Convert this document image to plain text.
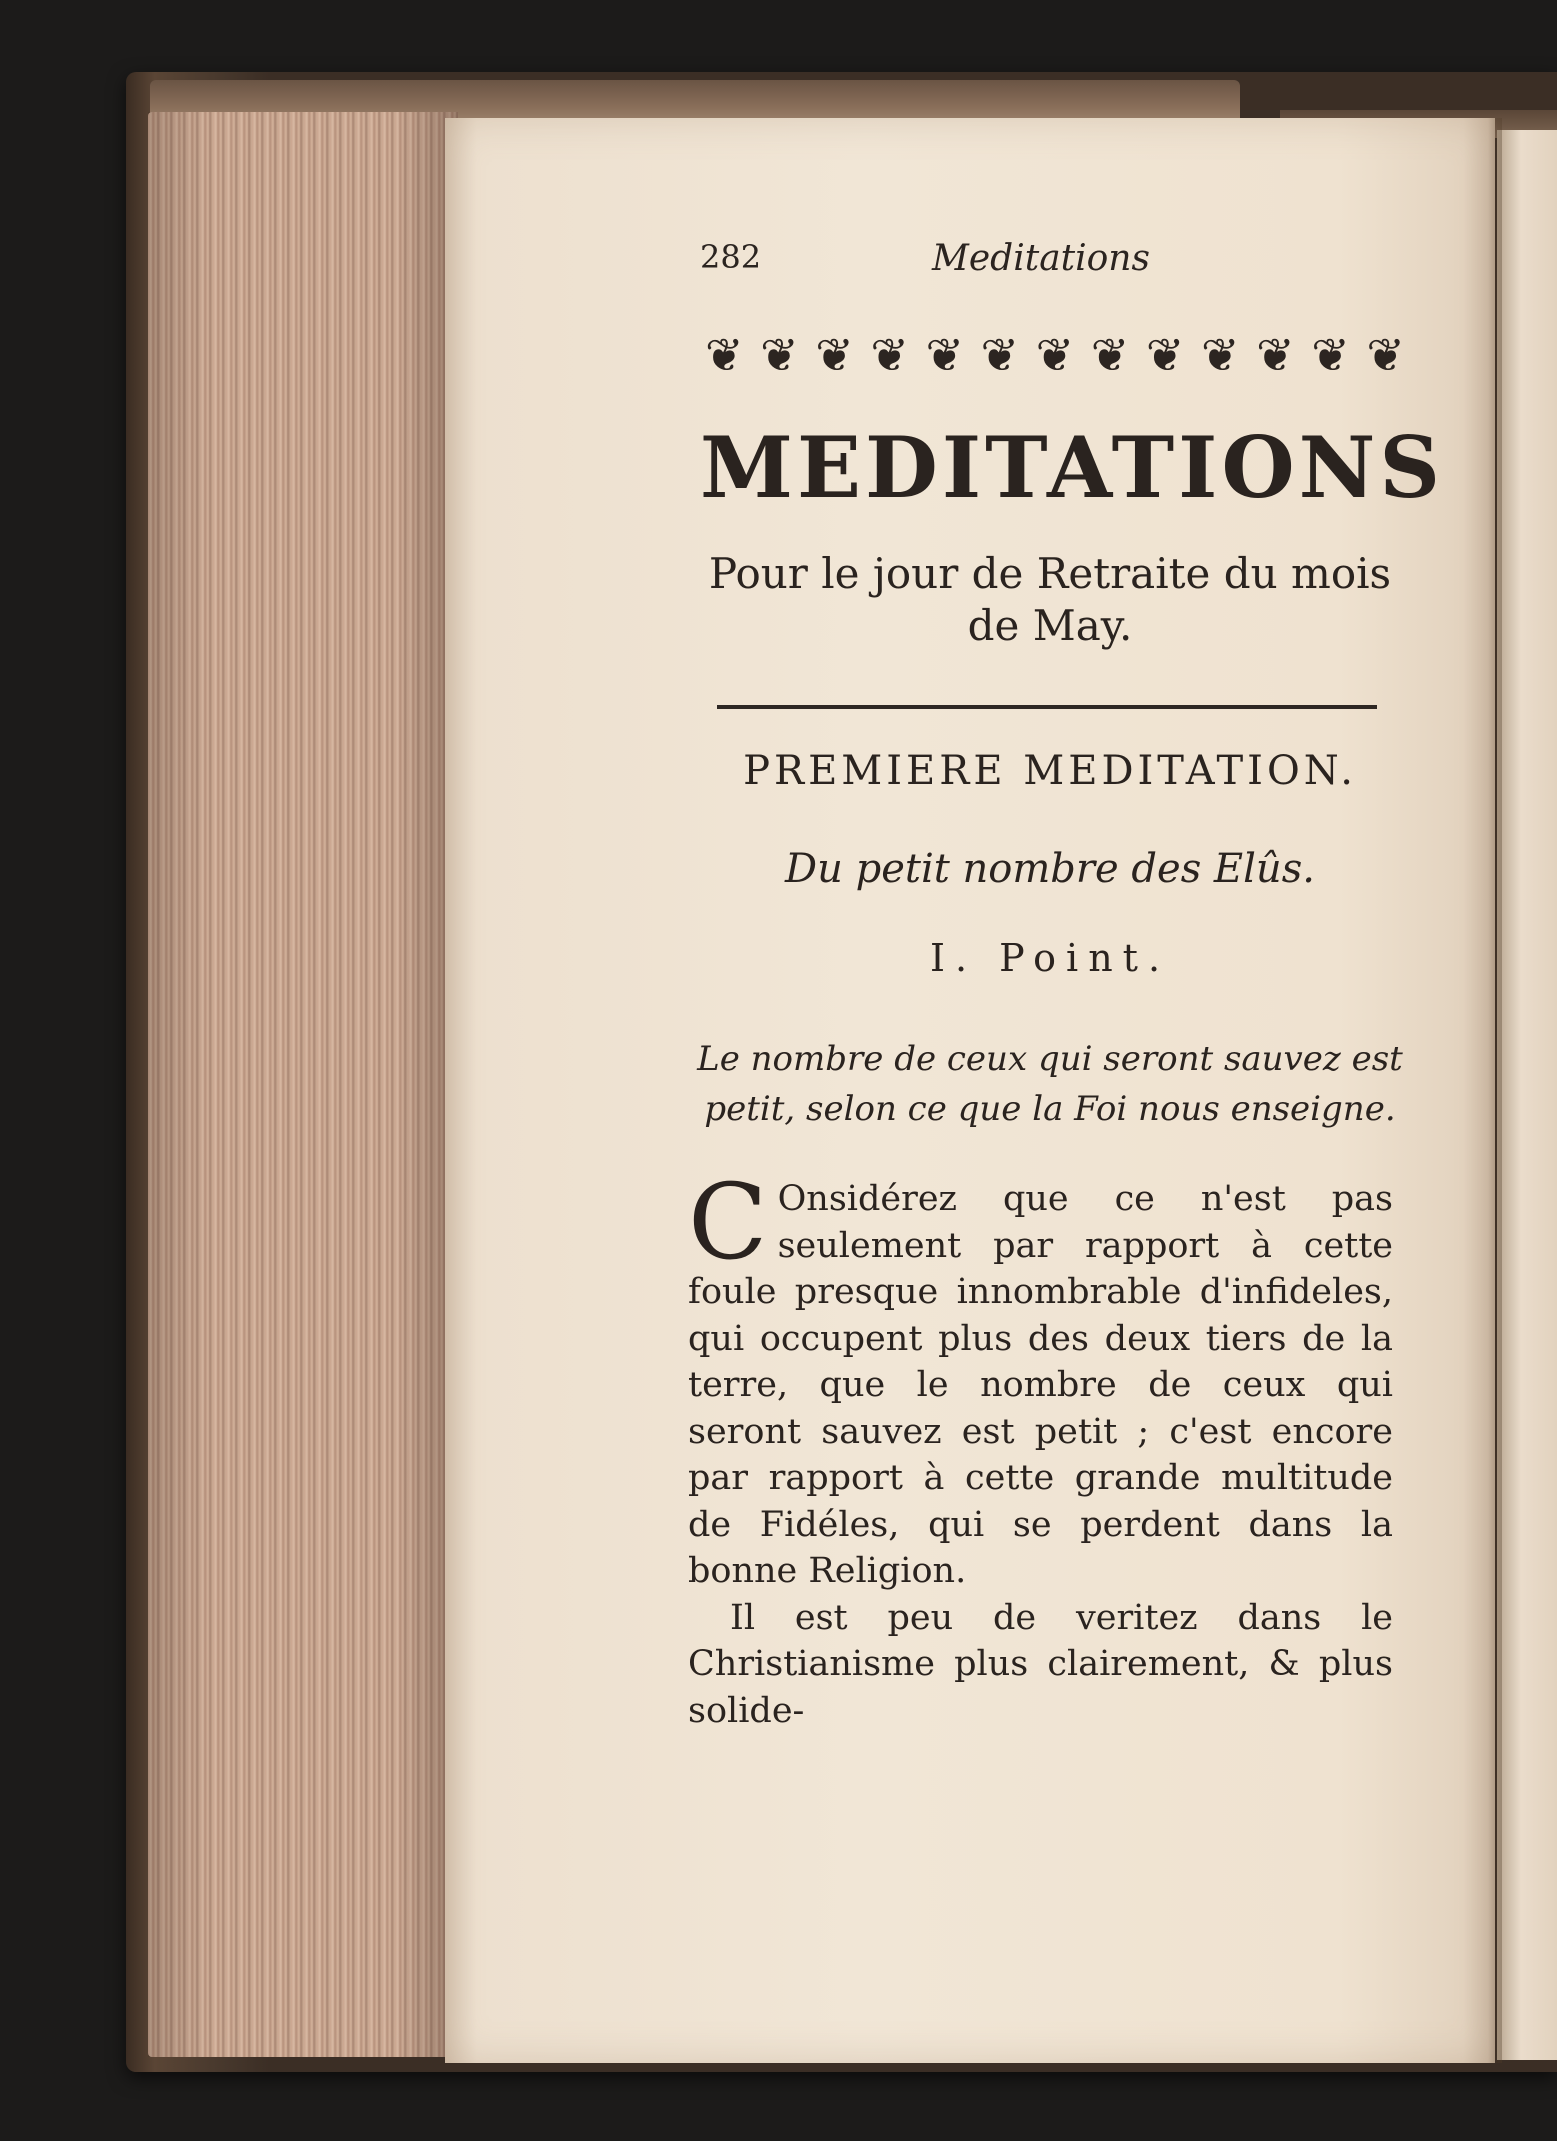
282	Meditations
❦ ❦ ❦ ❦ ❦ ❦ ❦ ❦ ❦ ❦ ❦ ❦ ❦
MEDITATIONS
Pour le jour de Retraite du mois de May.
PREMIERE MEDITATION.
Du petit nombre des Elûs.
I. Point.
Le nombre de ceux qui seront sauvez est petit, selon ce que la Foi nous enseigne.

C Onsidérez que ce n'est pas seulement par rapport à cette foule presque innombrable d'infideles, qui occupent plus des deux tiers de la terre, que le nombre de ceux qui seront sauvez est petit ; c'est encore par rapport à cette grande multitude de Fidéles, qui se perdent dans la bonne Religion.

Il est peu de veritez dans le Christianisme plus clairement, & plus solide-
